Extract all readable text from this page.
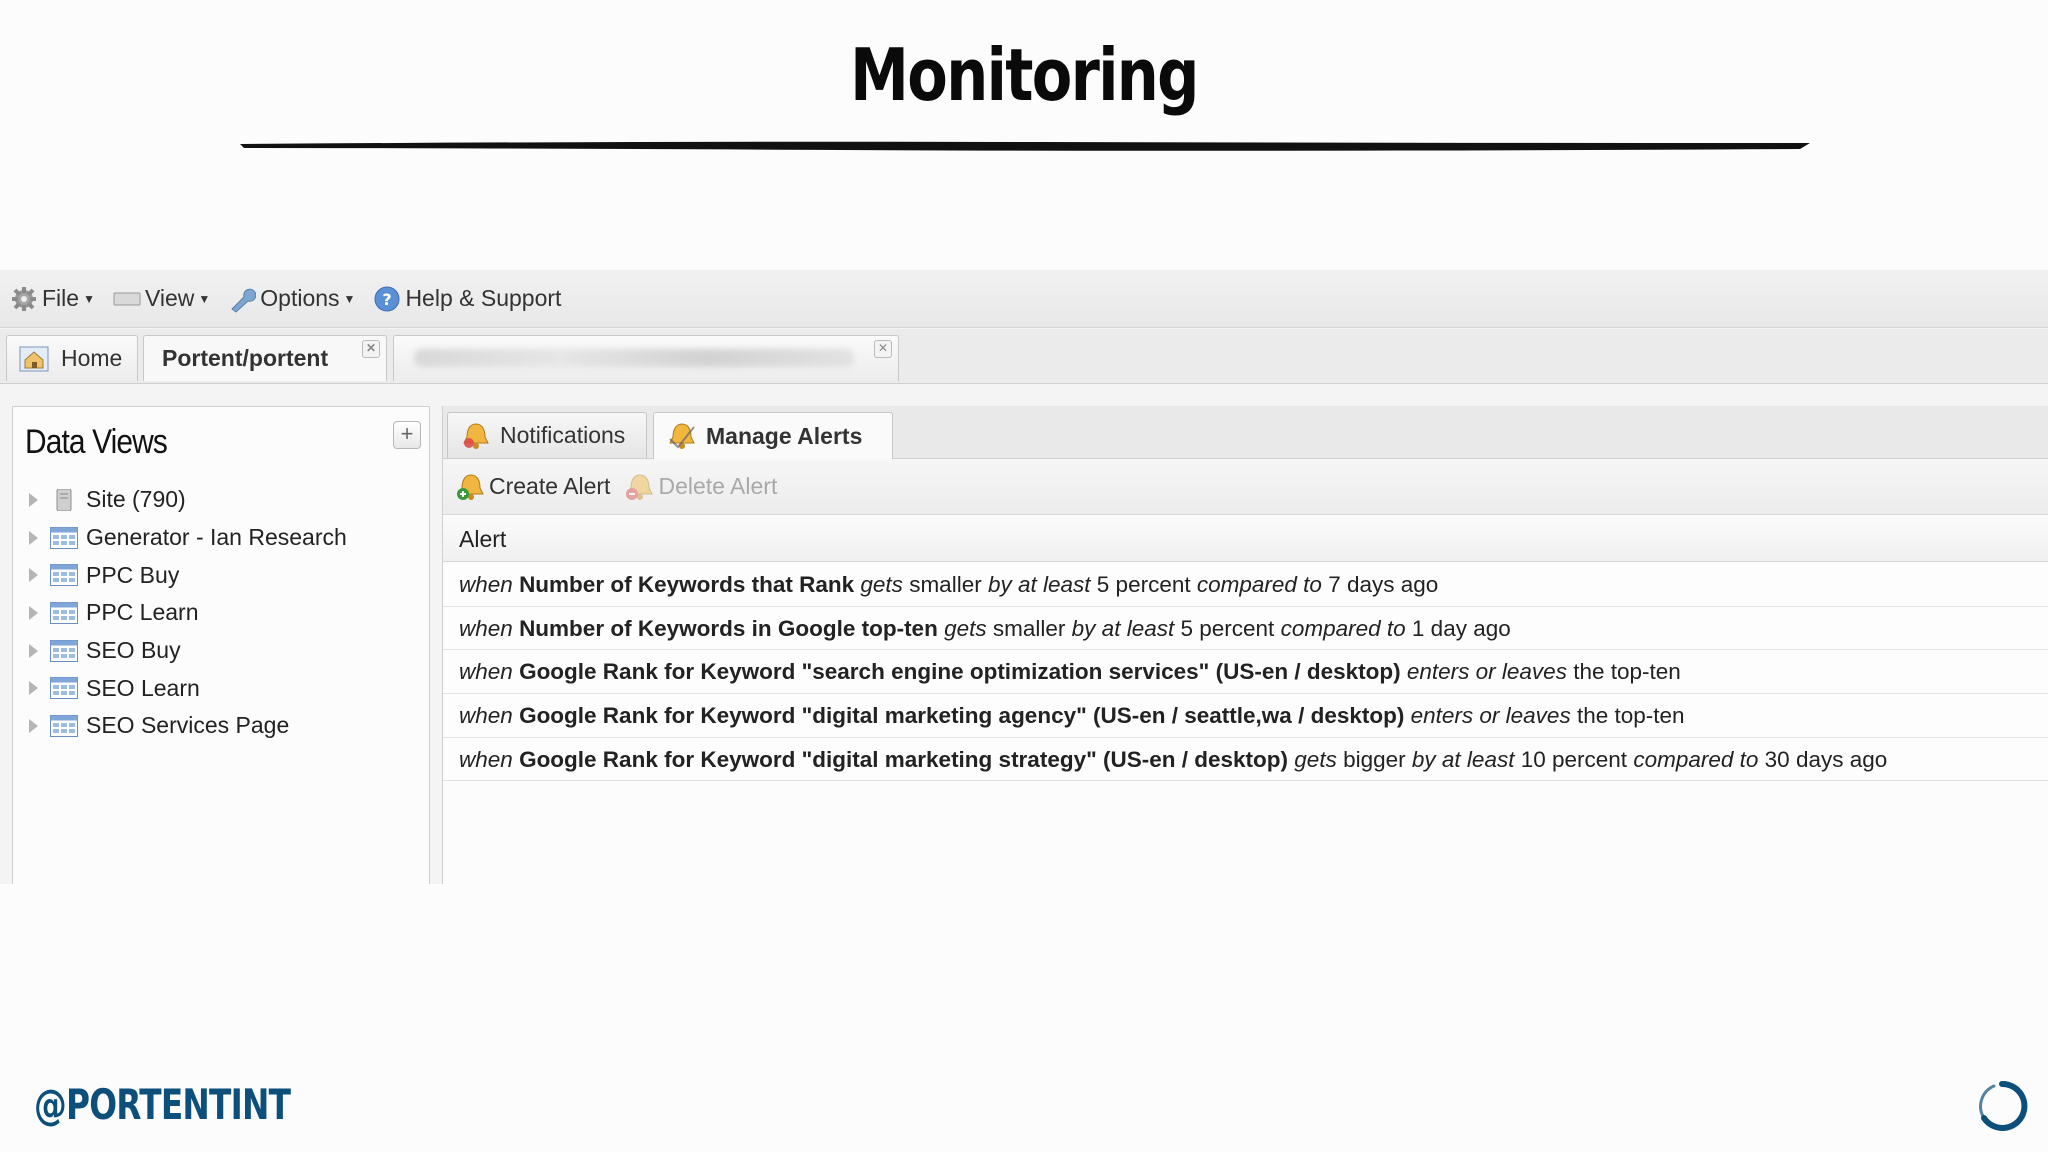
Monitoring
File ▼ View ▼ Options ▼ ? Help & Support
Home Portent/portent	✕	✕
Data Views	+
Site (790)
Generator - Ian Research
PPC Buy
PPC Learn
SEO Buy
SEO Learn
SEO Services Page
Notifications	Manage Alerts
Create Alert Delete Alert
Alert
when Number of Keywords that Rank gets smaller by at least 5 percent compared to 7 days ago
when Number of Keywords in Google top-ten gets smaller by at least 5 percent compared to 1 day ago
when Google Rank for Keyword "search engine optimization services" (US-en / desktop) enters or leaves the top-ten
when Google Rank for Keyword "digital marketing agency" (US-en / seattle,wa / desktop) enters or leaves the top-ten
when Google Rank for Keyword "digital marketing strategy" (US-en / desktop) gets bigger by at least 10 percent compared to 30 days ago
@PORTENTINT
